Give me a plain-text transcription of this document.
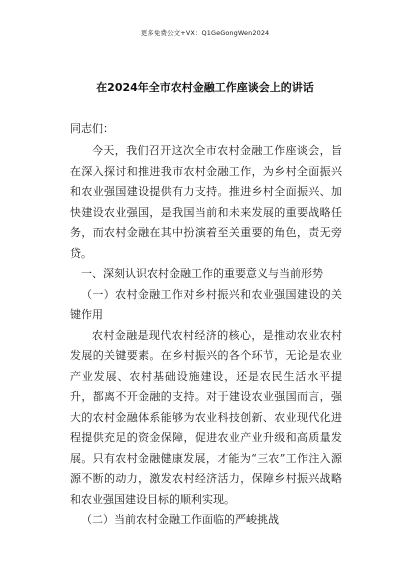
更多免费公文+VX：Q1GeGongWen2024
在2024年全市农村金融工作座谈会上的讲话
同志们：

今天，我们召开这次全市农村金融工作座谈会，旨在深入探讨和推进我市农村金融工作，为乡村全面振兴和农业强国建设提供有力支持。推进乡村全面振兴、加快建设农业强国，是我国当前和未来发展的重要战略任务，而农村金融在其中扮演着至关重要的角色，责无旁贷。

一、深刻认识农村金融工作的重要意义与当前形势

（一）农村金融工作对乡村振兴和农业强国建设的关键作用

农村金融是现代农村经济的核心，是推动农业农村发展的关键要素。在乡村振兴的各个环节，无论是农业产业发展、农村基础设施建设，还是农民生活水平提升，都离不开金融的支持。对于建设农业强国而言，强大的农村金融体系能够为农业科技创新、农业现代化进程提供充足的资金保障，促进农业产业升级和高质量发展。只有农村金融健康发展，才能为“三农”工作注入源源不断的动力，激发农村经济活力，保障乡村振兴战略和农业强国建设目标的顺利实现。

（二）当前农村金融工作面临的严峻挑战
